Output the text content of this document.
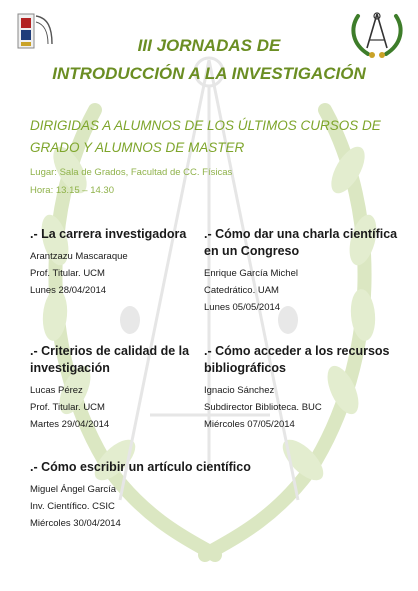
III JORNADAS DE
INTRODUCCIÓN A LA INVESTIGACIÓN
DIRIGIDAS A ALUMNOS DE LOS ÚLTIMOS CURSOS DE
GRADO Y ALUMNOS DE MASTER
Lugar: Sala de Grados, Facultad de CC. Físicas
Hora: 13.15 – 14.30
.- La carrera investigadora
Arantzazu Mascaraque
Prof. Titular. UCM
Lunes 28/04/2014
.- Cómo dar una charla científica
en un Congreso
Enrique García Michel
Catedrático. UAM
Lunes 05/05/2014
.- Criterios de calidad de la
investigación
Lucas Pérez
Prof. Titular. UCM
Martes 29/04/2014
.- Cómo acceder a los recursos
bibliográficos
Ignacio Sánchez
Subdirector Biblioteca. BUC
Miércoles 07/05/2014
.- Cómo escribir un artículo científico
Miguel Ángel García
Inv. Científico. CSIC
Miércoles 30/04/2014
